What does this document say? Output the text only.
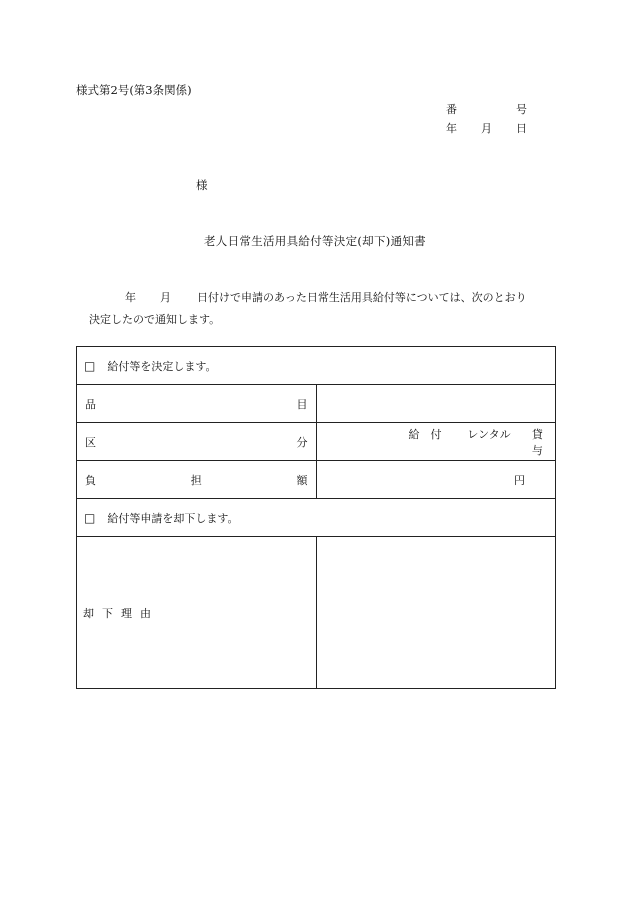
様式第2号(第3条関係)
番	号
年 月 日
様
老人日常生活用具給付等決定(却下)通知書
年 月 日付けで申請のあった日常生活用具給付等については、次のとおり
決定したので通知します。
□ 給付等を決定します。	

品 目	

区 分	給　付 レンタル 貸　与

負 担 額	円

□ 給付等申請を却下します。	

却 下 理 由	
